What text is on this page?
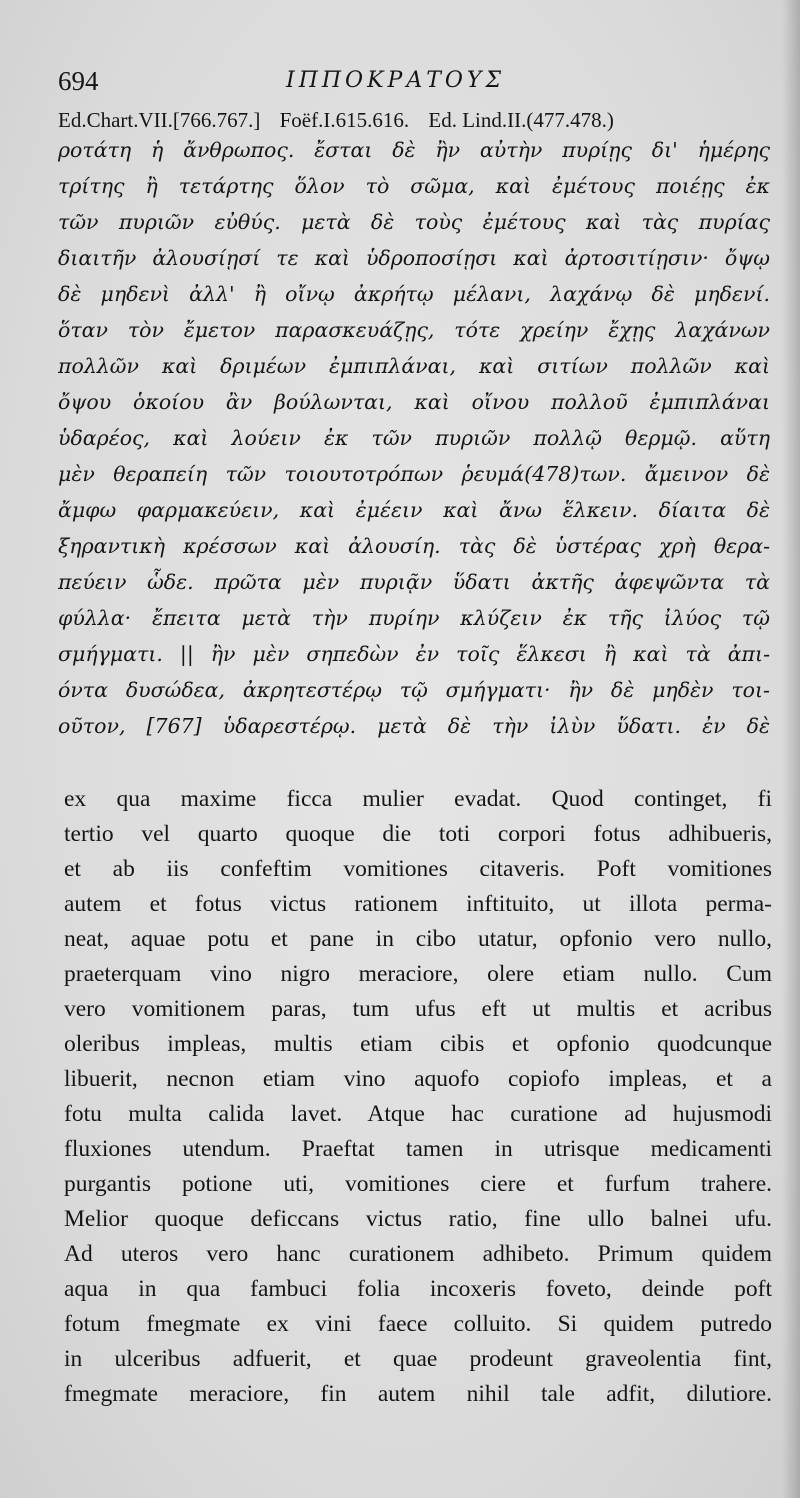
694	ΙΠΠΟΚΡΑΤΟΥΣ
Ed.Chart.VII.[766.767.] Foëf.I.615.616. Ed. Lind.II.(477.478.)
ροτάτη ἡ ἄνθρωπος. ἔσται δὲ ἢν αὐτὴν πυρίῃς δι' ἡμέρης
τρίτης ἢ τετάρτης ὅλον τὸ σῶμα, καὶ ἐμέτους ποιέῃς ἐκ
τῶν πυριῶν εὐθύς. μετὰ δὲ τοὺς ἐμέτους καὶ τὰς πυρίας
διαιτῆν ἀλουσίῃσί τε καὶ ὑδροποσίῃσι καὶ ἀρτοσιτίῃσιν· ὄψῳ
δὲ μηδενὶ ἀλλ' ἢ οἴνῳ ἀκρήτῳ μέλανι, λαχάνῳ δὲ μηδενί.
ὅταν τὸν ἔμετον παρασκευάζῃς, τότε χρείην ἔχῃς λαχάνων
πολλῶν καὶ δριμέων ἐμπιπλάναι, καὶ σιτίων πολλῶν καὶ
ὄψου ὁκοίου ἂν βούλωνται, καὶ οἴνου πολλοῦ ἐμπιπλάναι
ὑδαρέος, καὶ λούειν ἐκ τῶν πυριῶν πολλῷ θερμῷ. αὕτη
μὲν θεραπείη τῶν τοιουτοτρόπων ῥευμά(478)των. ἄμεινον δὲ
ἄμφω φαρμακεύειν, καὶ ἐμέειν καὶ ἄνω ἕλκειν. δίαιτα δὲ
ξηραντικὴ κρέσσων καὶ ἀλουσίη. τὰς δὲ ὑστέρας χρὴ θερα-
πεύειν ὧδε. πρῶτα μὲν πυριᾷν ὕδατι ἀκτῆς ἀφεψῶντα τὰ
φύλλα· ἔπειτα μετὰ τὴν πυρίην κλύζειν ἐκ τῆς ἰλύος τῷ
σμήγματι. || ἢν μὲν σηπεδὼν ἐν τοῖς ἕλκεσι ἢ καὶ τὰ ἀπι-
όντα δυσώδεα, ἀκρητεστέρῳ τῷ σμήγματι· ἢν δὲ μηδὲν τοι-
οῦτον, [767] ὑδαρεστέρῳ. μετὰ δὲ τὴν ἰλὺν ὕδατι. ἐν δὲ
ex qua maxime ficca mulier evadat. Quod continget, fi
tertio vel quarto quoque die toti corpori fotus adhibueris,
et ab iis confeftim vomitiones citaveris. Poft vomitiones
autem et fotus victus rationem inftituito, ut illota perma-
neat, aquae potu et pane in cibo utatur, opfonio vero nullo,
praeterquam vino nigro meraciore, olere etiam nullo. Cum
vero vomitionem paras, tum ufus eft ut multis et acribus
oleribus impleas, multis etiam cibis et opfonio quodcunque
libuerit, necnon etiam vino aquofo copiofo impleas, et a
fotu multa calida lavet. Atque hac curatione ad hujusmodi
fluxiones utendum. Praeftat tamen in utrisque medicamenti
purgantis potione uti, vomitiones ciere et furfum trahere.
Melior quoque deficcans victus ratio, fine ullo balnei ufu.
Ad uteros vero hanc curationem adhibeto. Primum quidem
aqua in qua fambuci folia incoxeris foveto, deinde poft
fotum fmegmate ex vini faece colluito. Si quidem putredo
in ulceribus adfuerit, et quae prodeunt graveolentia fint,
fmegmate meraciore, fin autem nihil tale adfit, dilutiore.
